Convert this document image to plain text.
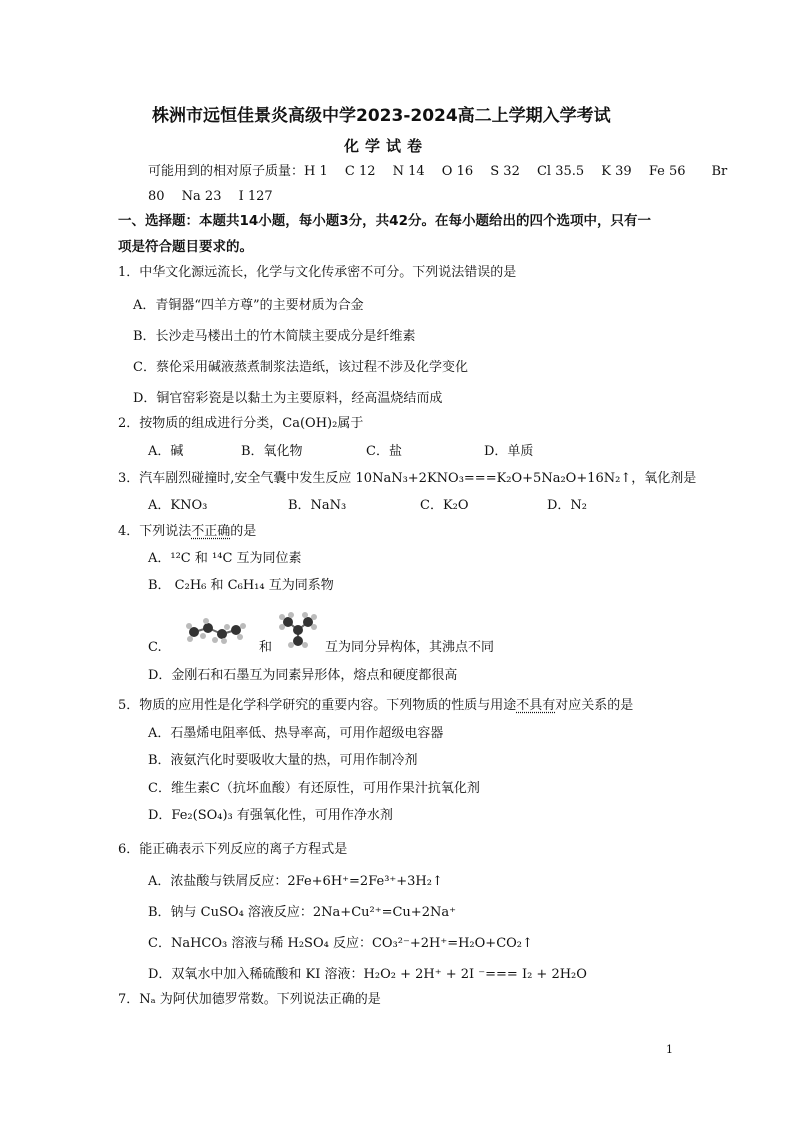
株洲市远恒佳景炎高级中学2023-2024高二上学期入学考试
化学试卷
可能用到的相对原子质量：H 1　 C 12　 N 14　 O 16　 S 32　 Cl 35.5　 K 39　 Fe 56　　Br
80　 Na 23　 I 127
一、选择题：本题共14小题，每小题3分，共42分。在每小题给出的四个选项中，只有一
项是符合题目要求的。
1．中华文化源远流长，化学与文化传承密不可分。下列说法错误的是
A．青铜器“四羊方尊”的主要材质为合金
B．长沙走马楼出土的竹木简牍主要成分是纤维素
C．蔡伦采用碱液蒸煮制浆法造纸，该过程不涉及化学变化
D．铜官窑彩瓷是以黏土为主要原料，经高温烧结而成
2．按物质的组成进行分类，Ca(OH)₂属于
A．碱	B．氧化物	C．盐	D．单质
3．汽车剧烈碰撞时,安全气囊中发生反应 10NaN₃+2KNO₃===K₂O+5Na₂O+16N₂↑，氧化剂是
A．KNO₃	B．NaN₃	C．K₂O	D．N₂
4．下列说法不正确的是
A．¹²C 和 ¹⁴C 互为同位素
B． C₂H₆ 和 C₆H₁₄ 互为同系物
C.	和	互为同分异构体，其沸点不同
D．金刚石和石墨互为同素异形体，熔点和硬度都很高
5．物质的应用性是化学科学研究的重要内容。下列物质的性质与用途不具有对应关系的是
A．石墨烯电阻率低、热导率高，可用作超级电容器
B．液氨汽化时要吸收大量的热，可用作制冷剂
C．维生素C（抗坏血酸）有还原性，可用作果汁抗氧化剂
D．Fe₂(SO₄)₃ 有强氧化性，可用作净水剂
6．能正确表示下列反应的离子方程式是
A．浓盐酸与铁屑反应：2Fe+6H⁺=2Fe³⁺+3H₂↑
B．钠与 CuSO₄ 溶液反应：2Na+Cu²⁺=Cu+2Na⁺
C．NaHCO₃ 溶液与稀 H₂SO₄ 反应：CO₃²⁻+2H⁺=H₂O+CO₂↑
D．双氧水中加入稀硫酸和 KI 溶液：H₂O₂ + 2H⁺ + 2I ⁻=== I₂ + 2H₂O
7．Nₐ 为阿伏加德罗常数。下列说法正确的是
1
